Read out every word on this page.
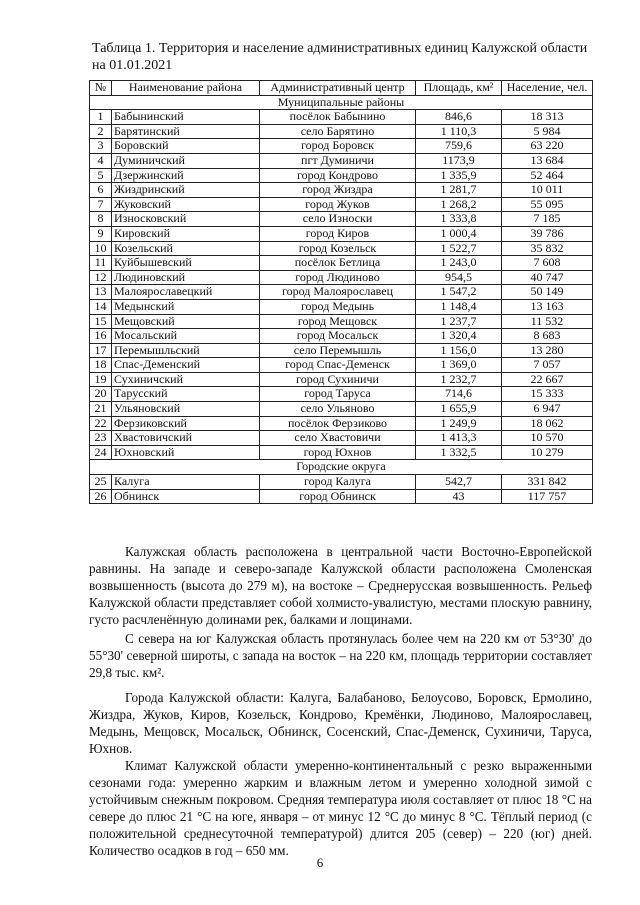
Таблица 1. Территория и население административных единиц Калужской области на 01.01.2021
№	Наименование района	Административный центр	Площадь, км²	Население, чел.
Муниципальные районы				
1	Бабынинский	посёлок Бабынино	846,6	18 313
2	Барятинский	село Барятино	1 110,3	5 984
3	Боровский	город Боровск	759,6	63 220
4	Думиничский	пгт Думиничи	1173,9	13 684
5	Дзержинский	город Кондрово	1 335,9	52 464
6	Жиздринский	город Жиздра	1 281,7	10 011
7	Жуковский	город Жуков	1 268,2	55 095
8	Износковский	село Износки	1 333,8	7 185
9	Кировский	город Киров	1 000,4	39 786
10	Козельский	город Козельск	1 522,7	35 832
11	Куйбышевский	посёлок Бетлица	1 243,0	7 608
12	Людиновский	город Людиново	954,5	40 747
13	Малоярославецкий	город Малоярославец	1 547,2	50 149
14	Медынский	город Медынь	1 148,4	13 163
15	Мещовский	город Мещовск	1 237,7	11 532
16	Мосальский	город Мосальск	1 320,4	8 683
17	Перемышльский	село Перемышль	1 156,0	13 280
18	Спас-Деменский	город Спас-Деменск	1 369,0	7 057
19	Сухиничский	город Сухиничи	1 232,7	22 667
20	Тарусский	город Таруса	714,6	15 333
21	Ульяновский	село Ульяново	1 655,9	6 947
22	Ферзиковский	посёлок Ферзиково	1 249,9	18 062
23	Хвастовичский	село Хвастовичи	1 413,3	10 570
24	Юхновский	город Юхнов	1 332,5	10 279
Городские округа				
25	Калуга	город Калуга	542,7	331 842
26	Обнинск	город Обнинск	43	117 757

Калужская область расположена в центральной части Восточно-Европейской равнины. На западе и северо-западе Калужской области расположена Смоленская возвышенность (высота до 279 м), на востоке – Среднерусская возвышенность. Рельеф Калужской области представляет собой холмисто-увалистую, местами плоскую равнину, густо расчленённую долинами рек, балками и лощинами.

С севера на юг Калужская область протянулась более чем на 220 км от 53°30' до 55°30' северной широты, с запада на восток – на 220 км, площадь территории составляет 29,8 тыс. км².

Города Калужской области: Калуга, Балабаново, Белоусово, Боровск, Ермолино, Жиздра, Жуков, Киров, Козельск, Кондрово, Кремёнки, Людиново, Малоярославец, Медынь, Мещовск, Мосальск, Обнинск, Сосенский, Спас-Деменск, Сухиничи, Таруса, Юхнов.

Климат Калужской области умеренно-континентальный с резко выраженными сезонами года: умеренно жарким и влажным летом и умеренно холодной зимой с устойчивым снежным покровом. Средняя температура июля составляет от плюс 18 °С на севере до плюс 21 °С на юге, января – от минус 12 °С до минус 8 °С. Тёплый период (с положительной среднесуточной температурой) длится 205 (север) – 220 (юг) дней. Количество осадков в год – 650 мм.

6
